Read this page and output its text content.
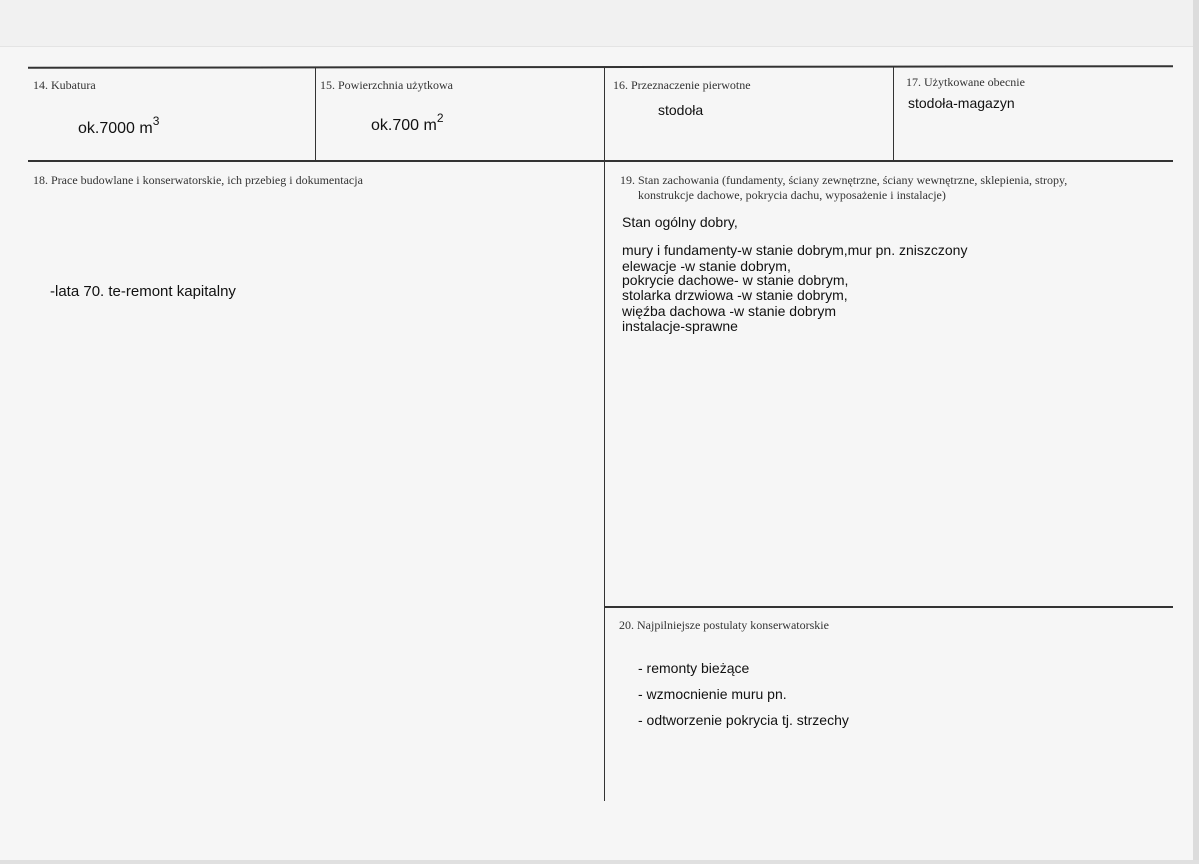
14. Kubatura
ok.7000 $m^3$
15. Powierzchnia użytkowa
ok.700 $m^2$
16. Przeznaczenie pierwotne
stodoła
17. Użytkowane obecnie
stodoła-magazyn
18. Prace budowlane i konserwatorskie, ich przebieg i dokumentacja
-lata 70. te-remont kapitalny
19. Stan zachowania (fundamenty, ściany zewnętrzne, ściany wewnętrzne, sklepienia, stropy,
konstrukcje dachowe, pokrycia dachu, wyposażenie i instalacje)
Stan ogólny dobry,
mury i fundamenty-w stanie dobrym,mur pn. zniszczony
elewacje -w stanie dobrym,
pokrycie dachowe- w stanie dobrym,
stolarka drzwiowa -w stanie dobrym,
więźba dachowa -w stanie dobrym
instalacje-sprawne
20. Najpilniejsze postulaty konserwatorskie
- remonty bieżące
- wzmocnienie muru pn.
- odtworzenie pokrycia tj. strzechy
